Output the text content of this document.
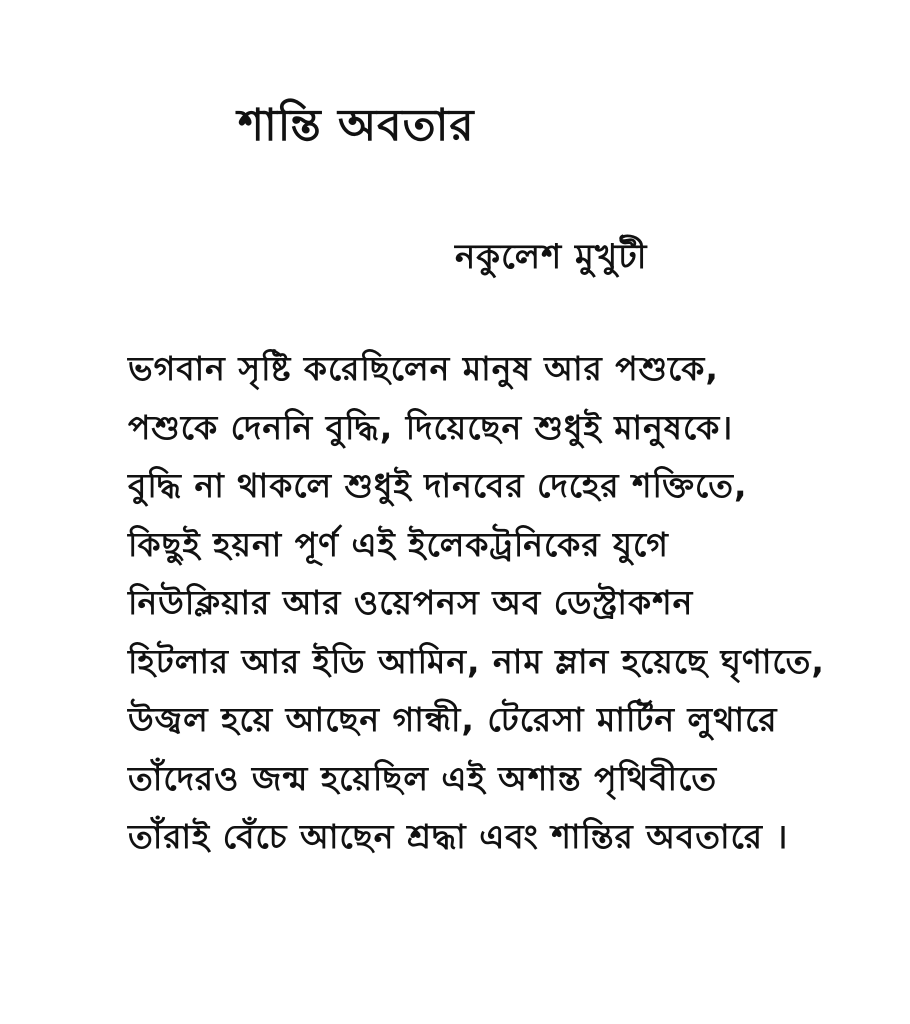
শান্তি অবতার
নকুলেশ মুখুটী
ভগবান সৃষ্টি করেছিলেন মানুষ আর পশুকে,
পশুকে দেননি বুদ্ধি, দিয়েছেন শুধুই মানুষকে।
বুদ্ধি না থাকলে শুধুই দানবের দেহের শক্তিতে,
কিছুই হয়না পূর্ণ এই ইলেকট্রনিকের যুগে
নিউক্লিয়ার আর ওয়েপনস অব ডেস্ট্রাকশন
হিটলার আর ইডি আমিন, নাম ম্লান হয়েছে ঘৃণাতে,
উজ্বল হয়ে আছেন গান্ধী, টেরেসা মার্টিন লুথারে
তাঁদেরও জন্ম হয়েছিল এই অশান্ত পৃথিবীতে
তাঁরাই বেঁচে আছেন শ্রদ্ধা এবং শান্তির অবতারে ।
